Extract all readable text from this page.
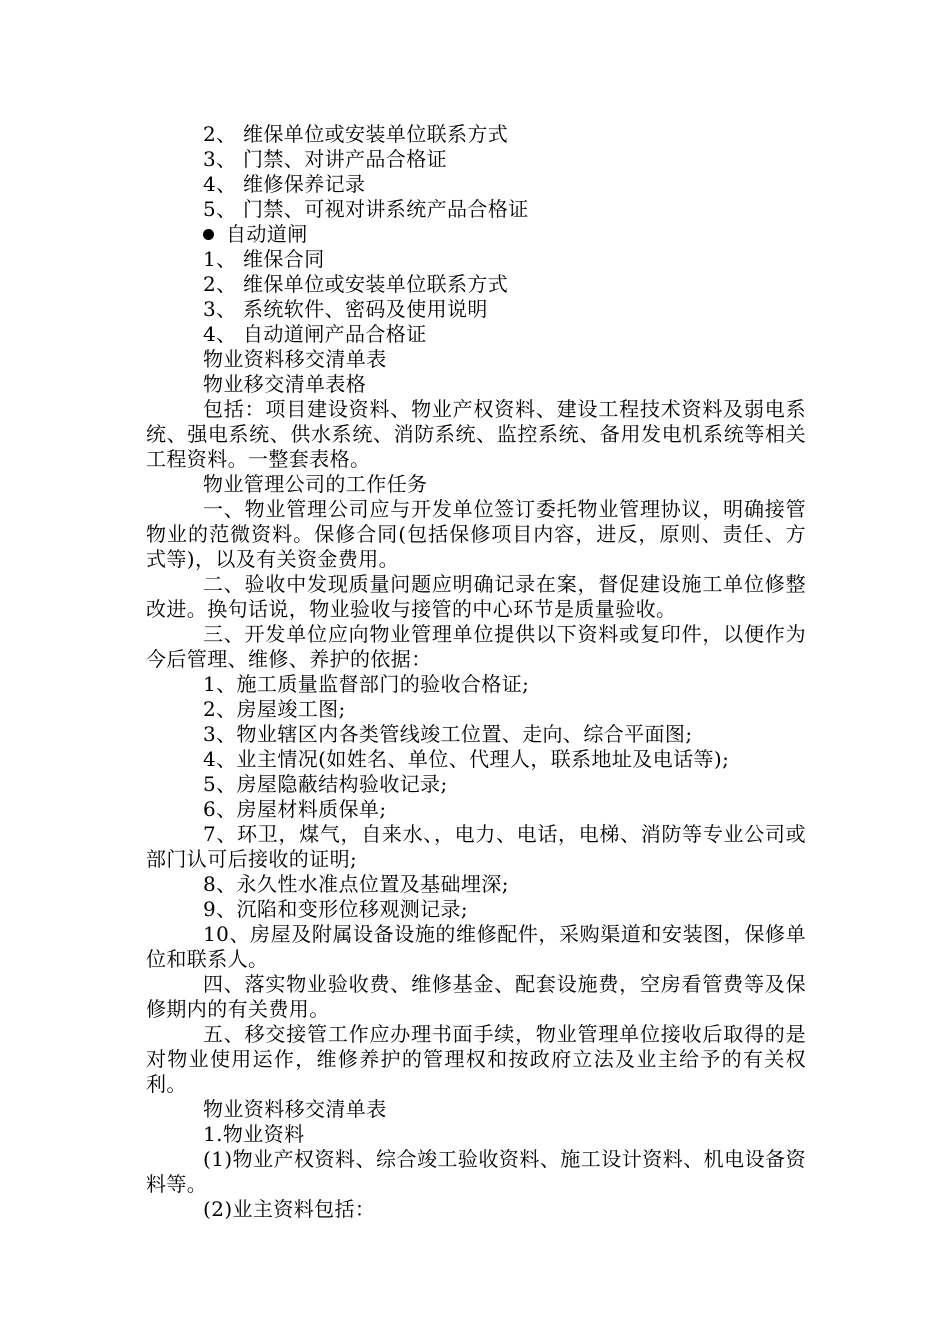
2、 维保单位或安装单位联系方式
3、 门禁、对讲产品合格证
4、 维修保养记录
5、 门禁、可视对讲系统产品合格证
自动道闸
1、 维保合同
2、 维保单位或安装单位联系方式
3、 系统软件、密码及使用说明
4、 自动道闸产品合格证
物业资料移交清单表
物业移交清单表格
包括：项目建设资料、物业产权资料、建设工程技术资料及弱电系统、强电系统、供水系统、消防系统、监控系统、备用发电机系统等相关工程资料。一整套表格。
物业管理公司的工作任务
一、物业管理公司应与开发单位签订委托物业管理协议，明确接管物业的范微资料。保修合同(包括保修项目内容，进反，原则、责任、方式等)，以及有关资金费用。
二、验收中发现质量问题应明确记录在案，督促建设施工单位修整改进。换句话说，物业验收与接管的中心环节是质量验收。
三、开发单位应向物业管理单位提供以下资料或复印件，以便作为今后管理、维修、养护的依据：
1、施工质量监督部门的验收合格证;
2、房屋竣工图;
3、物业辖区内各类管线竣工位置、走向、综合平面图;
4、业主情况(如姓名、单位、代理人，联系地址及电话等);
5、房屋隐蔽结构验收记录;
6、房屋材料质保单;
7、环卫，煤气，自来水、，电力、电话，电梯、消防等专业公司或部门认可后接收的证明;
8、永久性水准点位置及基础埋深;
9、沉陷和变形位移观测记录;
10、房屋及附属设备设施的维修配件，采购渠道和安装图，保修单位和联系人。
四、落实物业验收费、维修基金、配套设施费，空房看管费等及保修期内的有关费用。
五、移交接管工作应办理书面手续，物业管理单位接收后取得的是对物业使用运作，维修养护的管理权和按政府立法及业主给予的有关权利。
物业资料移交清单表
1.物业资料
(1)物业产权资料、综合竣工验收资料、施工设计资料、机电设备资料等。
(2)业主资料包括：
